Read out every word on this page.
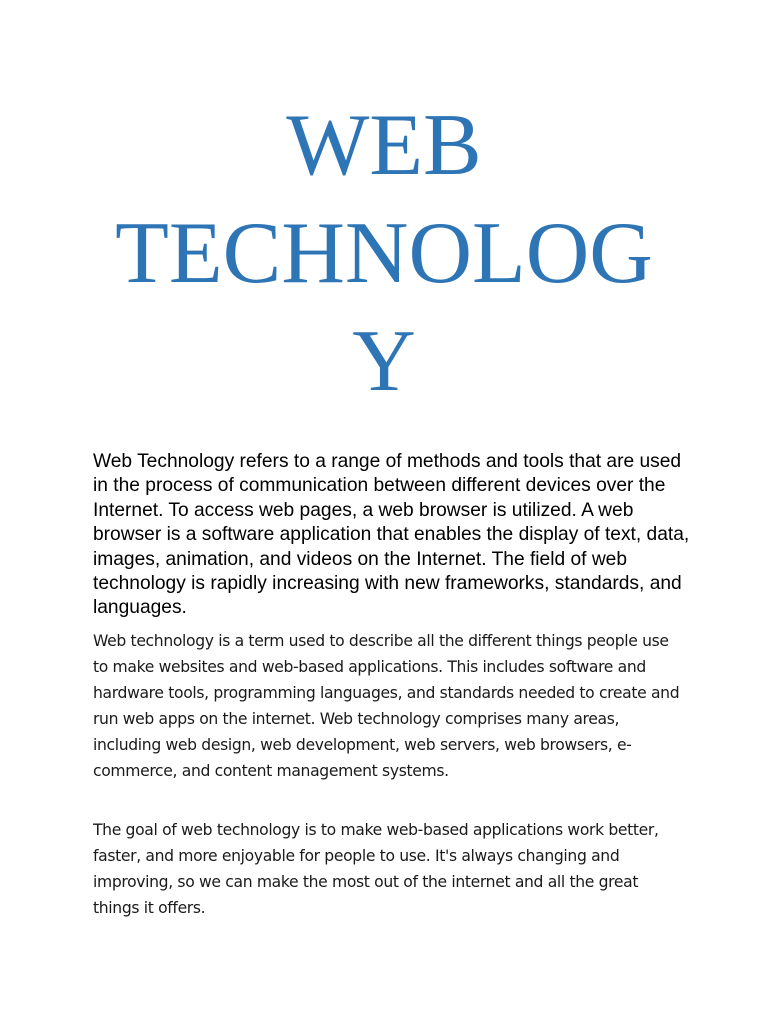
WEB
TECHNOLOG
Y

Web Technology refers to a range of methods and tools that are used in the process of communication between different devices over the Internet. To access web pages, a web browser is utilized. A web browser is a software application that enables the display of text, data, images, animation, and videos on the Internet. The field of web technology is rapidly increasing with new frameworks, standards, and languages.

Web technology is a term used to describe all the different things people use to make websites and web-based applications. This includes software and hardware tools, programming languages, and standards needed to create and run web apps on the internet. Web technology comprises many areas, including web design, web development, web servers, web browsers, e-commerce, and content management systems.

The goal of web technology is to make web-based applications work better, faster, and more enjoyable for people to use. It's always changing and improving, so we can make the most out of the internet and all the great things it offers.
